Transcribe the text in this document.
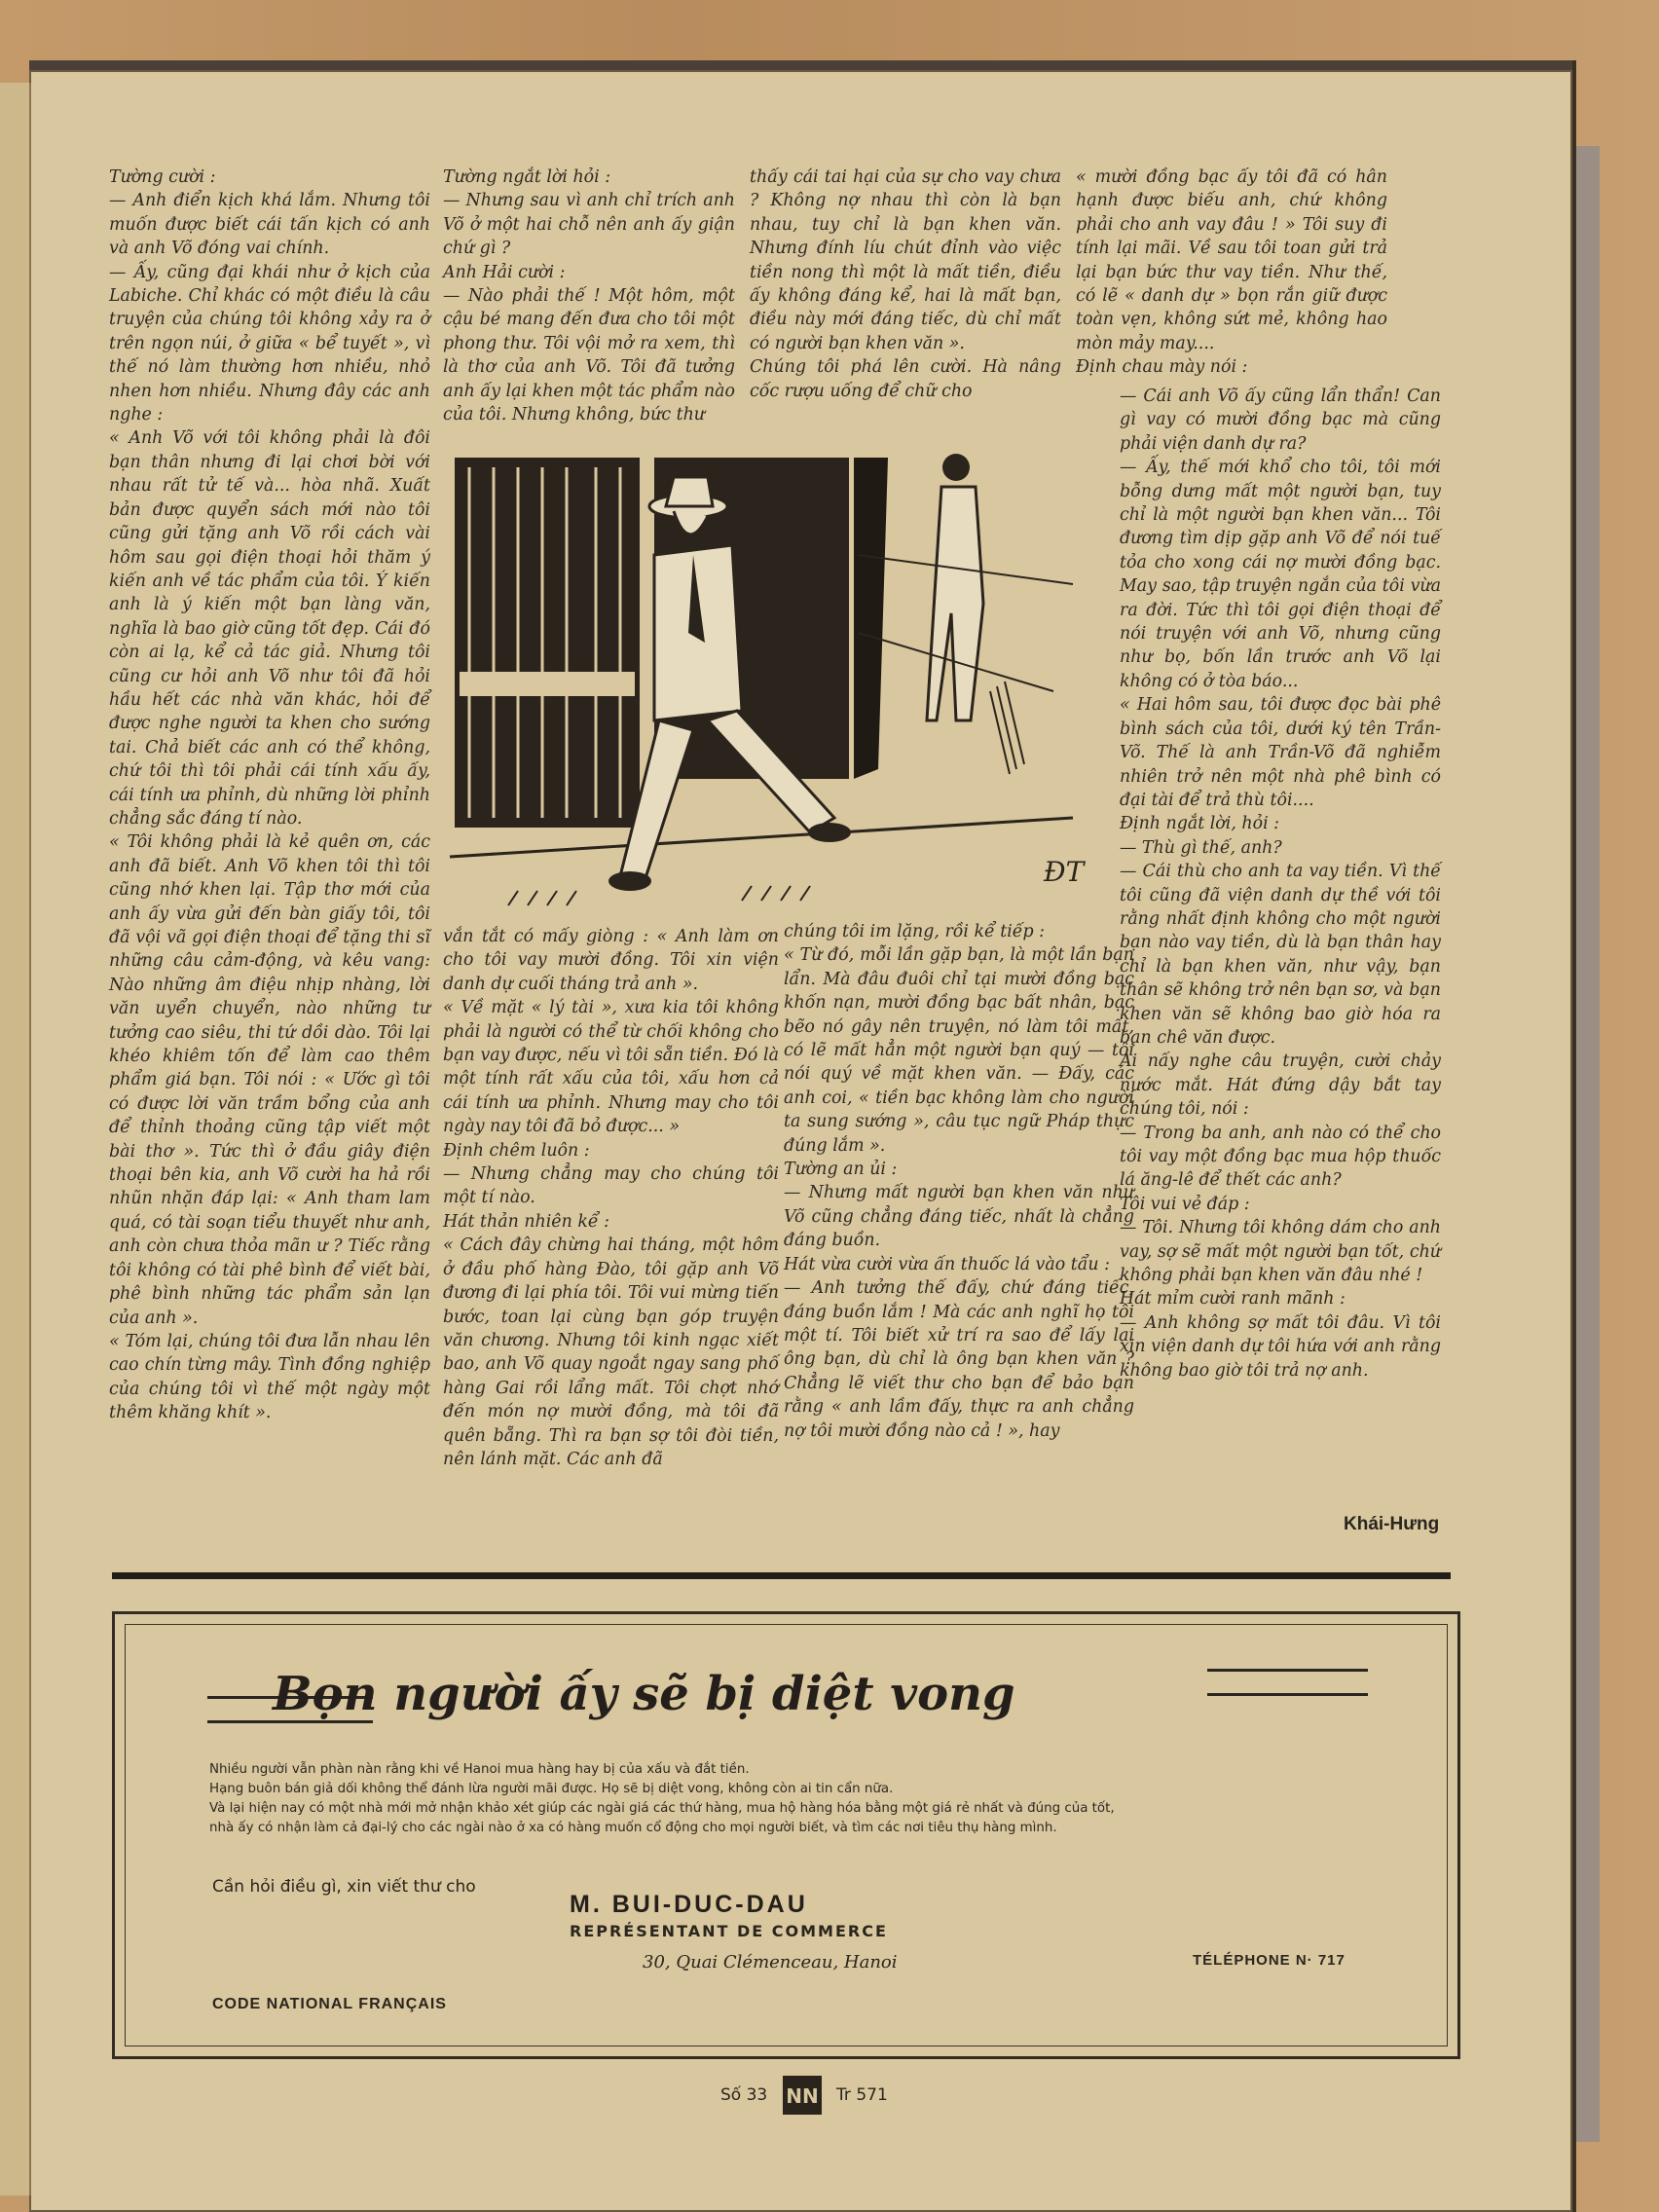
Tường cười :
— Anh điển kịch khá lắm. Nhưng tôi muốn được biết cái tấn kịch có anh và anh Võ đóng vai chính.
— Ấy, cũng đại khái như ở kịch của Labiche. Chỉ khác có một điều là câu truyện của chúng tôi không xảy ra ở trên ngọn núi, ở giữa « bể tuyết », vì thế nó làm thường hơn nhiều, nhỏ nhen hơn nhiều. Nhưng đây các anh nghe :
« Anh Võ với tôi không phải là đôi bạn thân nhưng đi lại chơi bời với nhau rất tử tế và... hòa nhã. Xuất bản được quyển sách mới nào tôi cũng gửi tặng anh Võ rồi cách vài hôm sau gọi điện thoại hỏi thăm ý kiến anh về tác phẩm của tôi. Ý kiến anh là ý kiến một bạn làng văn, nghĩa là bao giờ cũng tốt đẹp. Cái đó còn ai lạ, kể cả tác giả. Nhưng tôi cũng cư hỏi anh Võ như tôi đã hỏi hầu hết các nhà văn khác, hỏi để được nghe người ta khen cho sướng tai. Chả biết các anh có thể không, chứ tôi thì tôi phải cái tính xấu ấy, cái tính ưa phỉnh, dù những lời phỉnh chẳng sắc đáng tí nào.
« Tôi không phải là kẻ quên ơn, các anh đã biết. Anh Võ khen tôi thì tôi cũng nhớ khen lại. Tập thơ mới của anh ấy vừa gửi đến bàn giấy tôi, tôi đã vội vã gọi điện thoại để tặng thi sĩ những câu cảm-động, và kêu vang: Nào những âm điệu nhịp nhàng, lời văn uyển chuyển, nào những tư tưởng cao siêu, thi tứ dồi dào. Tôi lại khéo khiêm tốn để làm cao thêm phẩm giá bạn. Tôi nói : « Ước gì tôi có được lời văn trầm bổng của anh để thỉnh thoảng cũng tập viết một bài thơ ». Tức thì ở đầu giây điện thoại bên kia, anh Võ cười ha hả rồi nhũn nhặn đáp lại: « Anh tham lam quá, có tài soạn tiểu thuyết như anh, anh còn chưa thỏa mãn ư ? Tiếc rằng tôi không có tài phê bình để viết bài, phê bình những tác phẩm sản lạn của anh ».
« Tóm lại, chúng tôi đưa lẫn nhau lên cao chín từng mây. Tình đồng nghiệp của chúng tôi vì thế một ngày một thêm khăng khít ».

Tường ngắt lời hỏi :
— Nhưng sau vì anh chỉ trích anh Võ ở một hai chỗ nên anh ấy giận chứ gì ?
Anh Hải cười :
— Nào phải thế ! Một hôm, một cậu bé mang đến đưa cho tôi một phong thư. Tôi vội mở ra xem, thì là thơ của anh Võ. Tôi đã tưởng anh ấy lại khen một tác phẩm nào của tôi. Nhưng không, bức thư

thấy cái tai hại của sự cho vay chưa ? Không nợ nhau thì còn là bạn nhau, tuy chỉ là bạn khen văn. Nhưng đính líu chút đỉnh vào việc tiền nong thì một là mất tiền, điều ấy không đáng kể, hai là mất bạn, điều này mới đáng tiếc, dù chỉ mất có người bạn khen văn ».
Chúng tôi phá lên cười. Hà nâng cốc rượu uống để chữ cho

« mười đồng bạc ấy tôi đã có hân hạnh được biếu anh, chứ không phải cho anh vay đâu ! » Tôi suy đi tính lại mãi. Về sau tôi toan gửi trả lại bạn bức thư vay tiền. Như thế, có lẽ « danh dự » bọn rắn giữ được toàn vẹn, không sứt mẻ, không hao mòn mảy may....
Định chau mày nói :

— Cái anh Võ ấy cũng lẩn thẩn! Can gì vay có mười đồng bạc mà cũng phải viện danh dự ra?
— Ấy, thế mới khổ cho tôi, tôi mới bỗng dưng mất một người bạn, tuy chỉ là một người bạn khen văn... Tôi đương tìm dịp gặp anh Võ để nói tuế tỏa cho xong cái nợ mười đồng bạc. May sao, tập truyện ngắn của tôi vừa ra đời. Tức thì tôi gọi điện thoại để nói truyện với anh Võ, nhưng cũng như bọ, bốn lần trước anh Võ lại không có ở tòa báo...
« Hai hôm sau, tôi được đọc bài phê bình sách của tôi, dưới ký tên Trần-Võ. Thế là anh Trần-Võ đã nghiễm nhiên trở nên một nhà phê bình có đại tài để trả thù tôi....
Định ngắt lời, hỏi :
— Thù gì thế, anh?
— Cái thù cho anh ta vay tiền. Vì thế tôi cũng đã viện danh dự thề với tôi rằng nhất định không cho một người bạn nào vay tiền, dù là bạn thân hay chỉ là bạn khen văn, như vậy, bạn thân sẽ không trở nên bạn sơ, và bạn khen văn sẽ không bao giờ hóa ra bạn chê văn được.
Ai nấy nghe câu truyện, cười chảy nước mắt. Hát đứng dậy bắt tay chúng tôi, nói :
— Trong ba anh, anh nào có thể cho tôi vay một đồng bạc mua hộp thuốc lá ăng-lê để thết các anh?
Tôi vui vẻ đáp :
— Tôi. Nhưng tôi không dám cho anh vay, sợ sẽ mất một người bạn tốt, chứ không phải bạn khen văn đâu nhé !
Hát mỉm cười ranh mãnh :
— Anh không sợ mất tôi đâu. Vì tôi xin viện danh dự tôi hứa với anh rằng không bao giờ tôi trả nợ anh.

vắn tắt có mấy giòng : « Anh làm ơn cho tôi vay mười đồng. Tôi xin viện danh dự cuối tháng trả anh ».
« Về mặt « lý tài », xưa kia tôi không phải là người có thể từ chối không cho bạn vay được, nếu vì tôi sẵn tiền. Đó là một tính rất xấu của tôi, xấu hơn cả cái tính ưa phỉnh. Nhưng may cho tôi ngày nay tôi đã bỏ được... »
Định chêm luôn :
— Nhưng chẳng may cho chúng tôi một tí nào.
Hát thản nhiên kể :
« Cách đây chừng hai tháng, một hôm ở đầu phố hàng Đào, tôi gặp anh Võ đương đi lại phía tôi. Tôi vui mừng tiến bước, toan lại cùng bạn góp truyện văn chương. Nhưng tôi kinh ngạc xiết bao, anh Võ quay ngoắt ngay sang phố hàng Gai rồi lẩng mất. Tôi chợt nhớ đến món nợ mười đồng, mà tôi đã quên bẵng. Thì ra bạn sợ tôi đòi tiền, nên lánh mặt. Các anh đã

chúng tôi im lặng, rồi kể tiếp :
« Từ đó, mỗi lần gặp bạn, là một lần bạn lẩn. Mà đâu đuôi chỉ tại mười đồng bạc khốn nạn, mười đồng bạc bất nhân, bạc bẽo nó gây nên truyện, nó làm tôi mất, có lẽ mất hẳn một người bạn quý — tôi nói quý về mặt khen văn. — Đấy, các anh coi, « tiền bạc không làm cho người ta sung sướng », câu tục ngữ Pháp thực đúng lắm ».
Tường an ủi :
— Nhưng mất người bạn khen văn như Võ cũng chẳng đáng tiếc, nhất là chẳng đáng buồn.
Hát vừa cười vừa ấn thuốc lá vào tẩu :
— Anh tưởng thế đấy, chứ đáng tiếc, đáng buồn lắm ! Mà các anh nghĩ họ tôi một tí. Tôi biết xử trí ra sao để lấy lại ông bạn, dù chỉ là ông bạn khen văn ? Chẳng lẽ viết thư cho bạn để bảo bạn rằng « anh lầm đấy, thực ra anh chẳng nợ tôi mười đồng nào cả ! », hay

ĐT
Khái-Hưng
Bọn người ấy sẽ bị diệt vong

Nhiều người vẫn phàn nàn rằng khi về Hanoi mua hàng hay bị của xấu và đắt tiền.

Hạng buôn bán giả dối không thể đánh lừa người mãi được. Họ sẽ bị diệt vong, không còn ai tin cẩn nữa.

Và lại hiện nay có một nhà mới mở nhận khảo xét giúp các ngài giá các thứ hàng, mua hộ hàng hóa bằng một giá rẻ nhất và đúng của tốt,

nhà ấy có nhận làm cả đại-lý cho các ngài nào ở xa có hàng muốn cổ động cho mọi người biết, và tìm các nơi tiêu thụ hàng mình.

Cần hỏi điều gì, xin viết thư cho
M. BUI-DUC-DAU
REPRÉSENTANT DE COMMERCE
30, Quai Clémenceau, Hanoi	TÉLÉPHONE N· 717
CODE NATIONAL FRANÇAIS
Số 33 NN Tr 571
